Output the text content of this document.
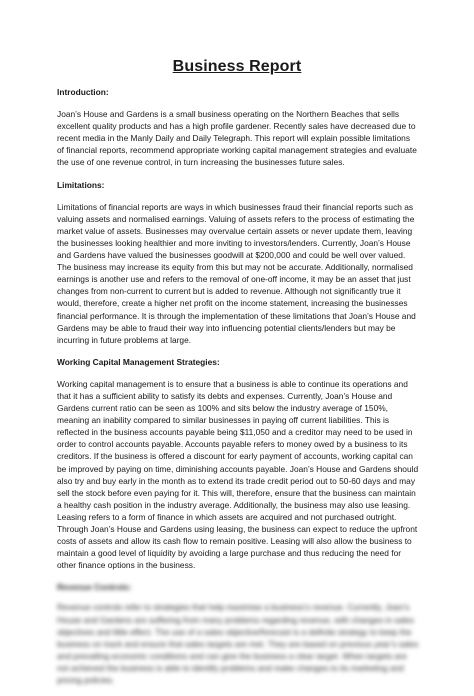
Business Report
Introduction:
Joan’s House and Gardens is a small business operating on the Northern Beaches that sells excellent quality products and has a high profile gardener. Recently sales have decreased due to recent media in the Manly Daily and Daily Telegraph. This report will explain possible limitations of financial reports, recommend appropriate working capital management strategies and evaluate the use of one revenue control, in turn increasing the businesses future sales.
Limitations:
Limitations of financial reports are ways in which businesses fraud their financial reports such as valuing assets and normalised earnings. Valuing of assets refers to the process of estimating the market value of assets. Businesses may overvalue certain assets or never update them, leaving the businesses looking healthier and more inviting to investors/lenders. Currently, Joan’s House and Gardens have valued the businesses goodwill at $200,000 and could be well over valued. The business may increase its equity from this but may not be accurate. Additionally, normalised earnings is another use and refers to the removal of one-off income, it may be an asset that just changes from non-current to current but is added to revenue. Although not significantly true it would, therefore, create a higher net profit on the income statement, increasing the businesses financial performance. It is through the implementation of these limitations that Joan’s House and Gardens may be able to fraud their way into influencing potential clients/lenders but may be incurring in future problems at large.
Working Capital Management Strategies:
Working capital management is to ensure that a business is able to continue its operations and that it has a sufficient ability to satisfy its debts and expenses. Currently, Joan’s House and Gardens current ratio can be seen as 100% and sits below the industry average of 150%, meaning an inability compared to similar businesses in paying off current liabilities. This is reflected in the business accounts payable being $11,050 and a creditor may need to be used in order to control accounts payable. Accounts payable refers to money owed by a business to its creditors. If the business is offered a discount for early payment of accounts, working capital can be improved by paying on time, diminishing accounts payable. Joan’s House and Gardens should also try and buy early in the month as to extend its trade credit period out to 50-60 days and may sell the stock before even paying for it. This will, therefore, ensure that the business can maintain a healthy cash position in the industry average. Additionally, the business may also use leasing. Leasing refers to a form of finance in which assets are acquired and not purchased outright. Through Joan’s House and Gardens using leasing, the business can expect to reduce the upfront costs of assets and allow its cash flow to remain positive. Leasing will also allow the business to maintain a good level of liquidity by avoiding a large purchase and thus reducing the need for other finance options in the business.
Revenue Controls:
Revenue controls refer to strategies that help maximise a business’s revenue. Currently, Joan’s House and Gardens are suffering from many problems regarding revenue, with changes in sales objectives and little effect. The use of a sales objective/forecast is a definite strategy to keep the business on track and ensure that sales targets are met. They are based on previous year’s sales and prevailing economic conditions and can give the business a clear target. When targets are not achieved the business is able to identify problems and make changes to its marketing and pricing policies.
